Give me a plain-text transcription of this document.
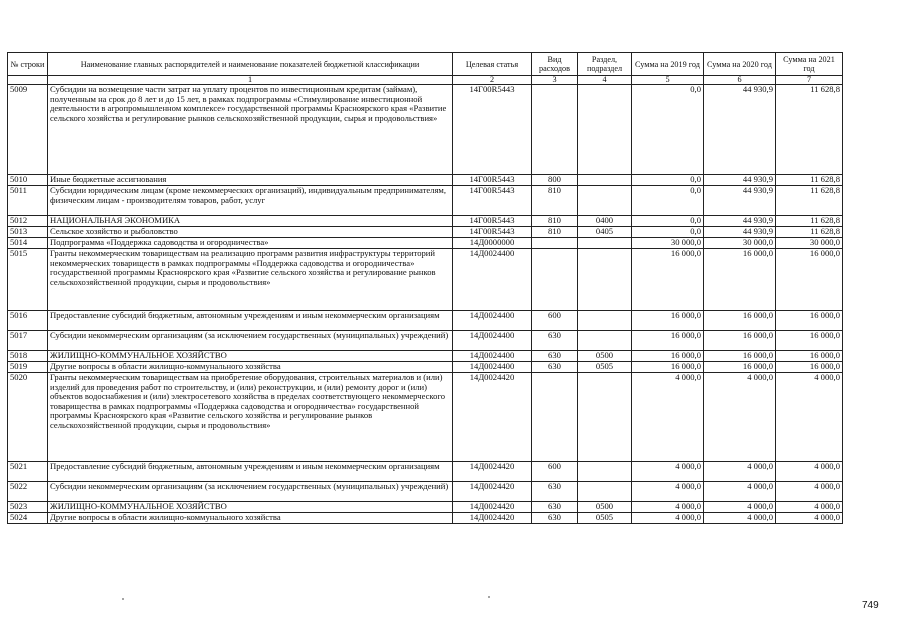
№ строки	Наименование главных распорядителей и наименование показателей бюджетной классификации	Целевая статья	Вид расходов	Раздел, подраздел	Сумма на 2019 год	Сумма на 2020 год	Сумма на 2021 год
	1	2	3	4	5	6	7
5009	Субсидии на возмещение части затрат на уплату процентов по инвестиционным кредитам (займам), полученным на срок до 8 лет и до 15 лет, в рамках подпрограммы «Стимулирование инвестиционной деятельности в агропромышленном комплексе» государственной программы Красноярского края «Развитие сельского хозяйства и регулирование рынков сельскохозяйственной продукции, сырья и продовольствия»	14Г00R5443			0,0	44 930,9	11 628,8
5010	Иные бюджетные ассигнования	14Г00R5443	800		0,0	44 930,9	11 628,8
5011	Субсидии юридическим лицам (кроме некоммерческих организаций), индивидуальным предпринимателям, физическим лицам - производителям товаров, работ, услуг	14Г00R5443	810		0,0	44 930,9	11 628,8
5012	НАЦИОНАЛЬНАЯ ЭКОНОМИКА	14Г00R5443	810	0400	0,0	44 930,9	11 628,8
5013	Сельское хозяйство и рыболовство	14Г00R5443	810	0405	0,0	44 930,9	11 628,8
5014	Подпрограмма «Поддержка садоводства и огородничества»	14Д0000000			30 000,0	30 000,0	30 000,0
5015	Гранты некоммерческим товариществам на реализацию программ развития инфраструктуры территорий некоммерческих товариществ в рамках подпрограммы «Поддержка садоводства и огородничества» государственной программы Красноярского края «Развитие сельского хозяйства и регулирование рынков сельскохозяйственной продукции, сырья и продовольствия»	14Д0024400			16 000,0	16 000,0	16 000,0
5016	Предоставление субсидий бюджетным, автономным учреждениям и иным некоммерческим организациям	14Д0024400	600		16 000,0	16 000,0	16 000,0
5017	Субсидии некоммерческим организациям (за исключением государственных (муниципальных) учреждений)	14Д0024400	630		16 000,0	16 000,0	16 000,0
5018	ЖИЛИЩНО-КОММУНАЛЬНОЕ ХОЗЯЙСТВО	14Д0024400	630	0500	16 000,0	16 000,0	16 000,0
5019	Другие вопросы в области жилищно-коммунального хозяйства	14Д0024400	630	0505	16 000,0	16 000,0	16 000,0
5020	Гранты некоммерческим товариществам на приобретение оборудования, строительных материалов и (или) изделий для проведения работ по строительству, и (или) реконструкции, и (или) ремонту дорог и (или) объектов водоснабжения и (или) электросетевого хозяйства в пределах соответствующего некоммерческого товарищества в рамках подпрограммы «Поддержка садоводства и огородничества» государственной программы Красноярского края «Развитие сельского хозяйства и регулирование рынков сельскохозяйственной продукции, сырья и продовольствия»	14Д0024420			4 000,0	4 000,0	4 000,0
5021	Предоставление субсидий бюджетным, автономным учреждениям и иным некоммерческим организациям	14Д0024420	600		4 000,0	4 000,0	4 000,0
5022	Субсидии некоммерческим организациям (за исключением государственных (муниципальных) учреждений)	14Д0024420	630		4 000,0	4 000,0	4 000,0
5023	ЖИЛИЩНО-КОММУНАЛЬНОЕ ХОЗЯЙСТВО	14Д0024420	630	0500	4 000,0	4 000,0	4 000,0
5024	Другие вопросы в области жилищно-коммунального хозяйства	14Д0024420	630	0505	4 000,0	4 000,0	4 000,0
749
